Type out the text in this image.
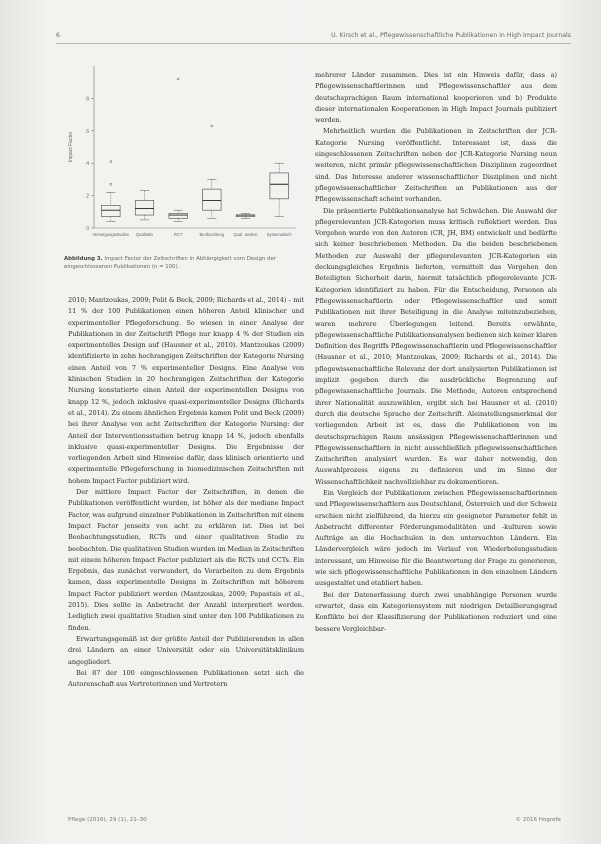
6	U. Kirsch et al., Pflegewissenschaftliche Publikationen in High Impact Journals
0
2
4
6
8
Impact Factor
Versorgungsstudien Qualitativ	RCT	Beobachtung Qual. andere Systematisch
Abbildung 3. Impact Factor der Zeitschriften in Abhängigkeit vom Design der eingeschlossenen Publikationen (n = 100).

2010; Mantzoukas, 2009; Polit & Beck, 2009; Richards et al., 2014) – mit 11 % der 100 Publikationen einen höheren Anteil klinischer und experimenteller Pflegeforschung. So wiesen in einer Analyse der Publikationen in der Zeitschrift Pflege nur knapp 4 % der Studien ein experimentelles Design auf (Hausner et al., 2010). Mantzoukas (2009) identifizierte in zehn hochrangigen Zeitschriften der Kategorie Nursing einen Anteil von 7 % experimenteller Designs. Eine Analyse von klinischen Studien in 20 hochrangigen Zeitschriften der Kategorie Nursing konstatierte einen Anteil der experimentellen Designs von knapp 12 %, jedoch inklusive quasi-experimenteller Designs (Richards et al., 2014). Zu einem ähnlichen Ergebnis kamen Polit und Beck (2009) bei ihrer Analyse von acht Zeitschriften der Kategorie Nursing: der Anteil der Interventionsstudien betrug knapp 14 %, jedoch ebenfalls inklusive quasi-experimenteller Designs. Die Ergebnisse der vorliegenden Arbeit sind Hinweise dafür, dass klinisch orientierte und experimentelle Pflegeforschung in biomedizinischen Zeitschriften mit hohem Impact Factor publiziert wird.

Der mittlere Impact Factor der Zeitschriften, in denen die Publikationen veröffentlicht wurden, ist höher als der mediane Impact Factor, was aufgrund einzelner Publikationen in Zeitschriften mit einem Impact Factor jenseits von acht zu erklären ist. Dies ist bei Beobachtungsstudien, RCTs und einer qualitativen Studie zu beobachten. Die qualitativen Studien wurden im Median in Zeitschriften mit einem höheren Impact Factor publiziert als die RCTs und CCTs. Ein Ergebnis, das zunächst verwundert, da Vorarbeiten zu dem Ergebnis kamen, dass experimentelle Designs in Zeitschriften mit höherem Impact Factor publiziert werden (Mantzoukas, 2009; Papastais et al., 2015). Dies sollte in Anbetracht der Anzahl interpretiert werden. Lediglich zwei qualitative Studien sind unter den 100 Publikationen zu finden.

Erwartungsgemäß ist der größte Anteil der Publizierenden in allen drei Ländern an einer Universität oder ein Universitätsklinikum angegliedert.

Bei 87 der 100 eingeschlossenen Publikationen setzt sich die Autorenschaft aus Vertreterinnen und Vertretern

mehrerer Länder zusammen. Dies ist ein Hinweis dafür, dass a) Pflegewissenschaftlerinnen und Pflegewissenschaftler aus dem deutschsprachigen Raum international kooperieren und b) Produkte dieser internationalen Kooperationen in High Impact Journals publiziert werden.

Mehrheitlich wurden die Publikationen in Zeitschriften der JCR-Kategorie Nursing veröffentlicht. Interessant ist, dass die eingeschlossenen Zeitschriften neben der JCR-Kategorie Nursing neun weiteren, nicht primär pflegewissenschaftlichen Disziplinen zugeordnet sind. Das Interesse anderer wissenschaftlicher Disziplinen und nicht pflegewissenschaftlicher Zeitschriften an Publikationen aus der Pflegewissenschaft scheint vorhanden.

Die präsentierte Publikationsanalyse hat Schwächen. Die Auswahl der pflegerelevanten JCR-Kategorien muss kritisch reflektiert werden. Das Vorgehen wurde von den Autoren (CR, JH, BM) entwickelt und bedürfte sich keiner beschriebenen Methoden. Da die beiden beschriebenen Methoden zur Auswahl der pflegerelevanten JCR-Kategorien ein deckungsgleiches Ergebnis lieferten, vermittelt das Vorgehen den Beteiligten Sicherheit darin, hiermit tatsächlich pflegerelevante JCR-Kategorien identifiziert zu haben. Für die Entscheidung, Personen als Pflegewissenschaftlerin oder Pflegewissenschaftler und somit Publikationen mit ihrer Beteiligung in die Analyse miteinzubeziehen, waren mehrere Überlegungen leitend. Bereits erwähnte, pflegewissenschaftliche Publikationsanalysen bedienen sich keiner klaren Definition des Begriffs Pflegewissenschaftlerin und Pflegewissenschaftler (Hausner et al., 2010; Mantzoukas, 2009; Richards et al., 2014). Die pflegewissenschaftliche Relevanz der dort analysierten Publikationen ist implizit gegeben durch die ausdrückliche Begrenzung auf pflegewissenschaftliche Journals. Die Methode, Autoren entsprechend ihrer Nationalität auszuwählen, ergibt sich bei Hausner et al. (2010) durch die deutsche Sprache der Zeitschrift. Aleinstellungsmerkmal der vorliegenden Arbeit ist es, dass die Publikationen von im deutschsprachigen Raum ansässigen Pflegewissenschaftlerinnen und Pflegewissenschaftlern in nicht ausschließlich pflegewissenschaftlichen Zeitschriften analysiert wurden. Es war daher notwendig, den Auswahlprozess eigens zu definieren und im Sinne der Wissenschaftlichkeit nachvollziehbar zu dokumentieren.

Ein Vergleich der Publikationen zwischen Pflegewissenschaftlerinnen und Pflegewissenschaftlern aus Deutschland, Österreich und der Schweiz erschien nicht zielführend, da hierzu ein geeigneter Parameter fehlt in Anbetracht differenter Förderungsmodalitäten und -kulturen sowie Aufträge an die Hochschulen in den untersuchten Ländern. Ein Ländervergleich wäre jedoch im Verlauf von Wiederholungsstudien interessant, um Hinweise für die Beantwortung der Frage zu generieren, wie sich pflegewissenschaftliche Publikationen in den einzelnen Ländern ausgestaltet und etabliert haben.

Bei der Datenerfassung durch zwei unabhängige Personen wurde erwartet, dass ein Kategoriensystem mit niedrigen Detaillierungsgrad Konflikte bei der Klassifizierung der Publikationen reduziert und eine bessere Vergleichbar-

Pflege (2016), 29 (1), 21–30	© 2016 Hogrefe
